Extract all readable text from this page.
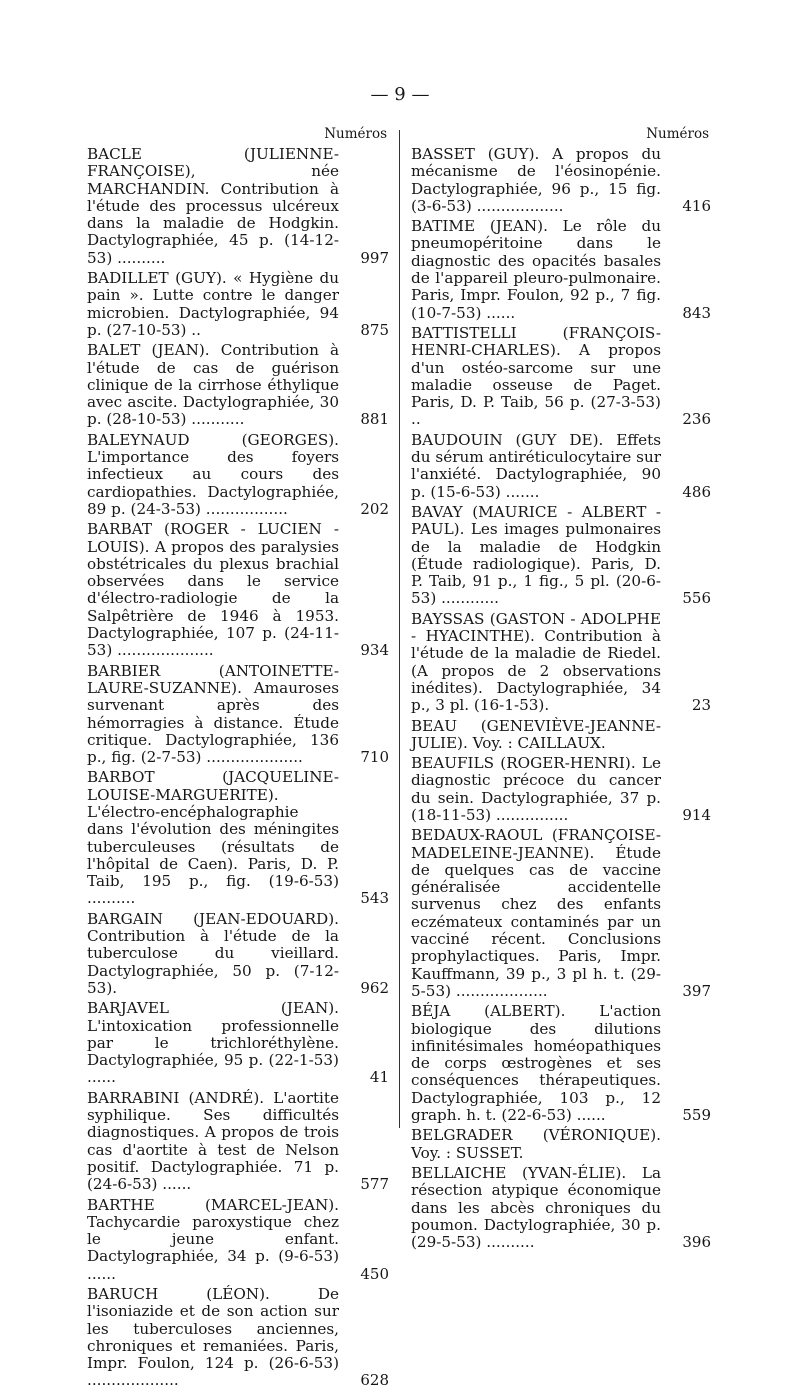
— 9 —
Numéros
BACLE (JULIENNE-FRANÇOISE), née MARCHANDIN. Contribution à l'étude des processus ulcéreux dans la maladie de Hodgkin. Dactylographiée, 45 p. (14-12-53) ..........	997
BADILLET (GUY). « Hygiène du pain ». Lutte contre le danger microbien. Dactylographiée, 94 p. (27-10-53) ..	875
BALET (JEAN). Contribution à l'étude de cas de guérison clinique de la cirrhose éthylique avec ascite. Dactylographiée, 30 p. (28-10-53) ...........	881
BALEYNAUD (GEORGES). L'importance des foyers infectieux au cours des cardiopathies. Dactylographiée, 89 p. (24-3-53) .................	202
BARBAT (ROGER - LUCIEN - LOUIS). A propos des paralysies obstétricales du plexus brachial observées dans le service d'électro-radiologie de la Salpêtrière de 1946 à 1953. Dactylographiée, 107 p. (24-11-53) ....................	934
BARBIER (ANTOINETTE-LAURE-SUZANNE). Amauroses survenant après des hémorragies à distance. Étude critique. Dactylographiée, 136 p., fig. (2-7-53) ....................	710
BARBOT (JACQUELINE-LOUISE-MARGUERITE). L'électro-encéphalographie dans l'évolution des méningites tuberculeuses (résultats de l'hôpital de Caen). Paris, D. P. Taib, 195 p., fig. (19-6-53) ..........	543
BARGAIN (JEAN-EDOUARD). Contribution à l'étude de la tuberculose du vieillard. Dactylographiée, 50 p. (7-12-53).	962
BARJAVEL (JEAN). L'intoxication professionnelle par le trichloréthylène. Dactylographiée, 95 p. (22-1-53) ......	41
BARRABINI (ANDRÉ). L'aortite syphilique. Ses difficultés diagnostiques. A propos de trois cas d'aortite à test de Nelson positif. Dactylographiée. 71 p. (24-6-53) ......	577
BARTHE (MARCEL-JEAN). Tachycardie paroxystique chez le jeune enfant. Dactylographiée, 34 p. (9-6-53) ......	450
BARUCH (LÉON). De l'isoniazide et de son action sur les tuberculoses anciennes, chroniques et remaniées. Paris, Impr. Foulon, 124 p. (26-6-53) ...................	628
Numéros
BASSET (GUY). A propos du mécanisme de l'éosinopénie. Dactylographiée, 96 p., 15 fig. (3-6-53) ..................	416
BATIME (JEAN). Le rôle du pneumopéritoine dans le diagnostic des opacités basales de l'appareil pleuro-pulmonaire. Paris, Impr. Foulon, 92 p., 7 fig. (10-7-53) ......	843
BATTISTELLI (FRANÇOIS-HENRI-CHARLES). A propos d'un ostéo-sarcome sur une maladie osseuse de Paget. Paris, D. P. Taib, 56 p. (27-3-53) ..	236
BAUDOUIN (GUY DE). Effets du sérum antiréticulocytaire sur l'anxiété. Dactylographiée, 90 p. (15-6-53) .......	486
BAVAY (MAURICE - ALBERT - PAUL). Les images pulmonaires de la maladie de Hodgkin (Étude radiologique). Paris, D. P. Taib, 91 p., 1 fig., 5 pl. (20-6-53) ............	556
BAYSSAS (GASTON - ADOLPHE - HYACINTHE). Contribution à l'étude de la maladie de Riedel. (A propos de 2 observations inédites). Dactylographiée, 34 p., 3 pl. (16-1-53).	23
BEAU (GENEVIÈVE-JEANNE-JULIE). Voy. : CAILLAUX.
BEAUFILS (ROGER-HENRI). Le diagnostic précoce du cancer du sein. Dactylographiée, 37 p. (18-11-53) ...............	914
BEDAUX-RAOUL (FRANÇOISE-MADELEINE-JEANNE). Étude de quelques cas de vaccine généralisée accidentelle survenus chez des enfants eczémateux contaminés par un vacciné récent. Conclusions prophylactiques. Paris, Impr. Kauffmann, 39 p., 3 pl h. t. (29-5-53) ...................	397
BÉJA (ALBERT). L'action biologique des dilutions infinitésimales homéopathiques de corps œstrogènes et ses conséquences thérapeutiques. Dactylographiée, 103 p., 12 graph. h. t. (22-6-53) ......	559
BELGRADER (VÉRONIQUE). Voy. : SUSSET.
BELLAICHE (YVAN-ÉLIE). La résection atypique économique dans les abcès chroniques du poumon. Dactylographiée, 30 p. (29-5-53) ..........	396
